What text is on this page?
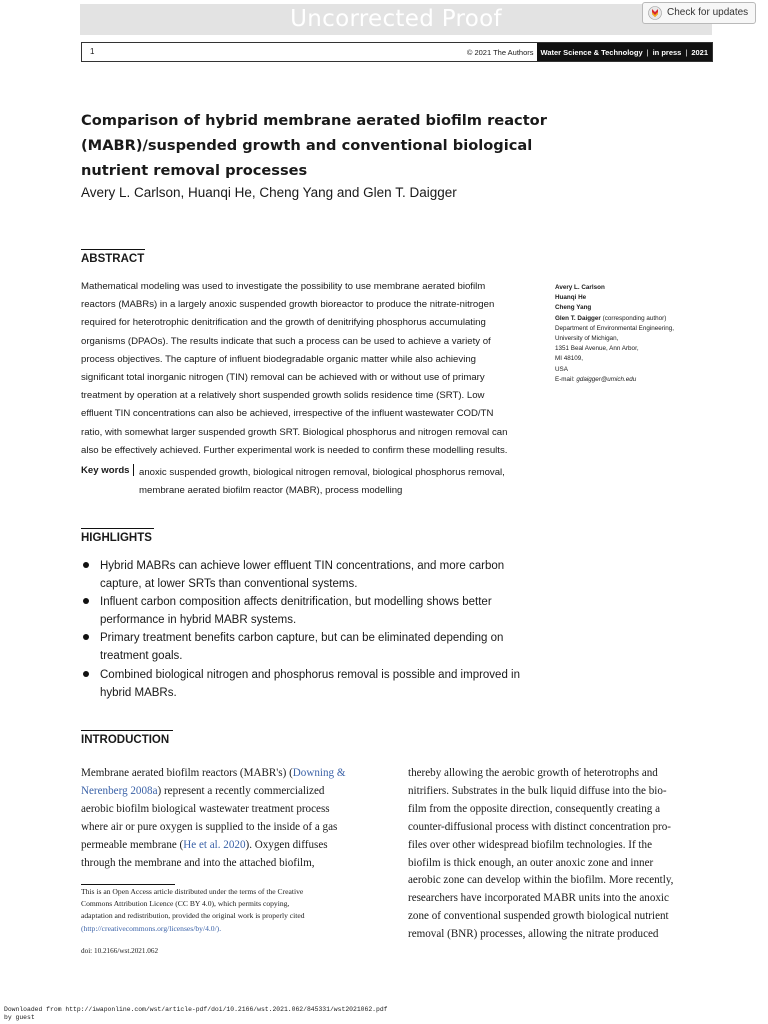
Uncorrected Proof	Check for updates
1	© 2021 The Authors Water Science & Technology | in press | 2021
Comparison of hybrid membrane aerated biofilm reactor
(MABR)/suspended growth and conventional biological
nutrient removal processes
Avery L. Carlson, Huanqi He, Cheng Yang and Glen T. Daigger
ABSTRACT
Mathematical modeling was used to investigate the possibility to use membrane aerated biofilm
reactors (MABRs) in a largely anoxic suspended growth bioreactor to produce the nitrate-nitrogen
required for heterotrophic denitrification and the growth of denitrifying phosphorus accumulating
organisms (DPAOs). The results indicate that such a process can be used to achieve a variety of
process objectives. The capture of influent biodegradable organic matter while also achieving
significant total inorganic nitrogen (TIN) removal can be achieved with or without use of primary
treatment by operation at a relatively short suspended growth solids residence time (SRT). Low
effluent TIN concentrations can also be achieved, irrespective of the influent wastewater COD/TN
ratio, with somewhat larger suspended growth SRT. Biological phosphorus and nitrogen removal can
also be effectively achieved. Further experimental work is needed to confirm these modelling results.
Key words anoxic suspended growth, biological nitrogen removal, biological phosphorus removal,
membrane aerated biofilm reactor (MABR), process modelling
Avery L. Carlson
Huanqi He
Cheng Yang
Glen T. Daigger (corresponding author)
Department of Environmental Engineering,
University of Michigan,
1351 Beal Avenue, Ann Arbor,
MI 48109,
USA
E-mail: gdaigger@umich.edu
HIGHLIGHTS
Hybrid MABRs can achieve lower effluent TIN concentrations, and more carbon
capture, at lower SRTs than conventional systems.
Influent carbon composition affects denitrification, but modelling shows better
performance in hybrid MABR systems.
Primary treatment benefits carbon capture, but can be eliminated depending on
treatment goals.
Combined biological nitrogen and phosphorus removal is possible and improved in
hybrid MABRs.
INTRODUCTION
Membrane aerated biofilm reactors (MABR's) (Downing &
Nerenberg 2008a) represent a recently commercialized
aerobic biofilm biological wastewater treatment process
where air or pure oxygen is supplied to the inside of a gas
permeable membrane (He et al. 2020). Oxygen diffuses
through the membrane and into the attached biofilm,
thereby allowing the aerobic growth of heterotrophs and
nitrifiers. Substrates in the bulk liquid diffuse into the bio-
film from the opposite direction, consequently creating a
counter-diffusional process with distinct concentration pro-
files over other widespread biofilm technologies. If the
biofilm is thick enough, an outer anoxic zone and inner
aerobic zone can develop within the biofilm. More recently,
researchers have incorporated MABR units into the anoxic
zone of conventional suspended growth biological nutrient
removal (BNR) processes, allowing the nitrate produced
This is an Open Access article distributed under the terms of the Creative
Commons Attribution Licence (CC BY 4.0), which permits copying,
adaptation and redistribution, provided the original work is properly cited
(http://creativecommons.org/licenses/by/4.0/).
doi: 10.2166/wst.2021.062
Downloaded from http://iwaponline.com/wst/article-pdf/doi/10.2166/wst.2021.062/845331/wst2021062.pdf
by guest
